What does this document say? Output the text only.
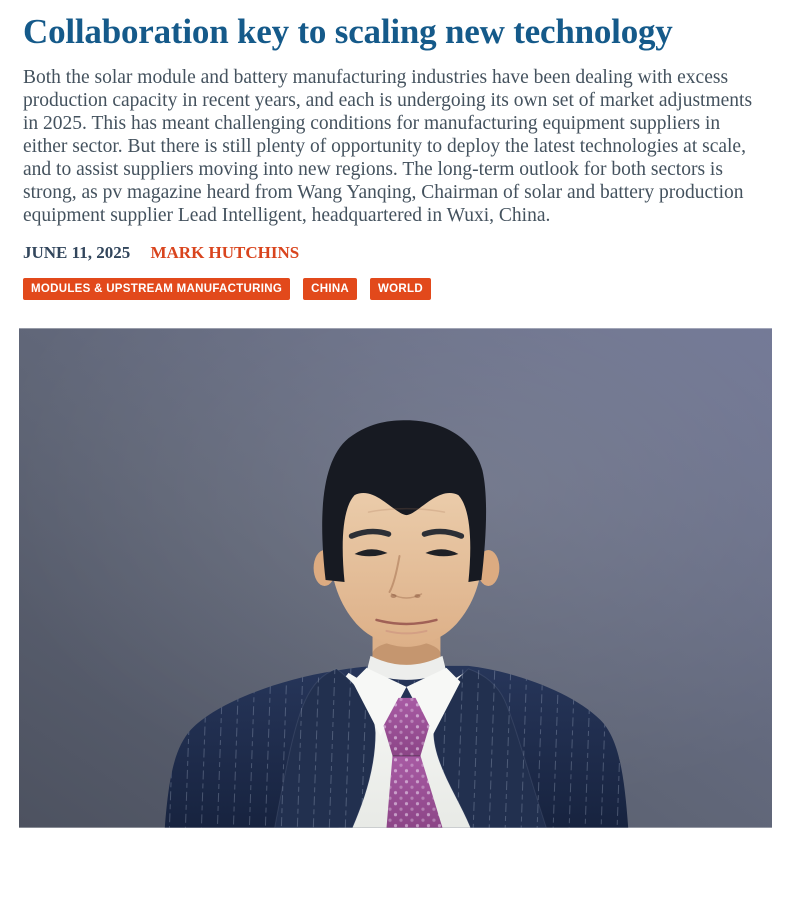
Collaboration key to scaling new technology

Both the solar module and battery manufacturing industries have been dealing with excess production capacity in recent years, and each is undergoing its own set of market adjustments in 2025. This has meant challenging conditions for manufacturing equipment suppliers in either sector. But there is still plenty of opportunity to deploy the latest technologies at scale, and to assist suppliers moving into new regions. The long-term outlook for both sectors is strong, as pv magazine heard from Wang Yanqing, Chairman of solar and battery production equipment supplier Lead Intelligent, headquartered in Wuxi, China.

JUNE 11, 2025 MARK HUTCHINS
MODULES & UPSTREAM MANUFACTURING	CHINA	WORLD
